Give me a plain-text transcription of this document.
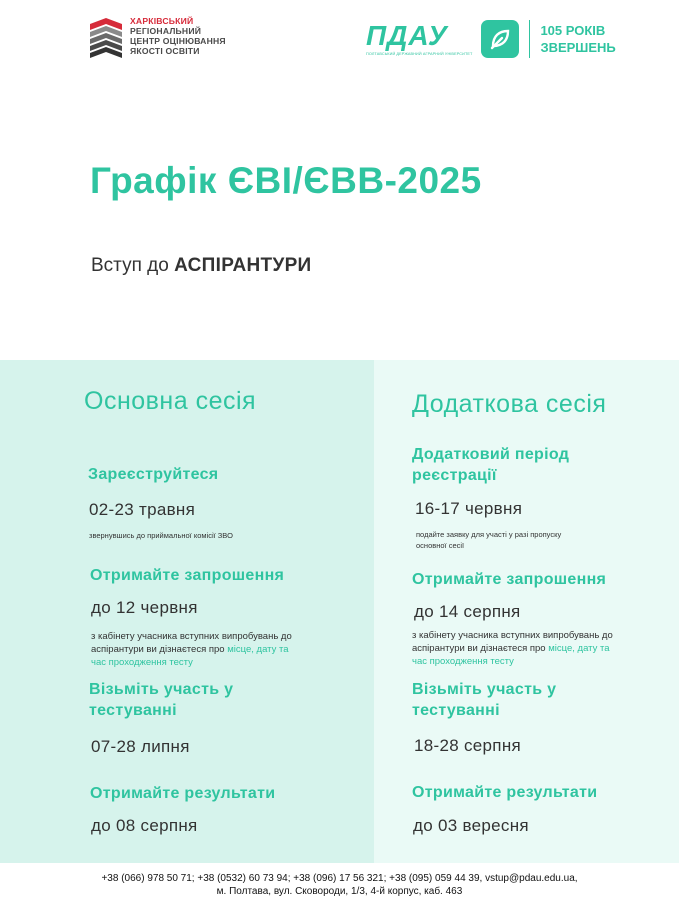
ХАРКІВСЬКИЙ
РЕГІОНАЛЬНИЙ
ЦЕНТР ОЦІНЮВАННЯ
ЯКОСТІ ОСВІТИ	ПДАУ
ПОЛТАВСЬКИЙ ДЕРЖАВНИЙ АГРАРНИЙ УНІВЕРСИТЕТ
105 РОКІВ
ЗВЕРШЕНЬ
Графік ЄВІ/ЄВВ-2025
Вступ до АСПІРАНТУРИ
Основна сесія
Зареєструйтеся
02-23 травня
звернувшись до приймальної комісії ЗВО
Отримайте запрошення
до 12 червня
з кабінету учасника вступних випробувань до
аспірантури ви дізнаєтеся про місце, дату та
час проходження тесту
Візьміть участь у
тестуванні
07-28 липня
Отримайте результати
до 08 серпня
Додаткова сесія
Додатковий період
реєстрації
16-17 червня
подайте заявку для участі у разі пропуску
основної сесії
Отримайте запрошення
до 14 серпня
з кабінету учасника вступних випробувань до
аспірантури ви дізнаєтеся про місце, дату та
час проходження тесту
Візьміть участь у
тестуванні
18-28 серпня
Отримайте результати
до 03 вересня
+38 (066) 978 50 71; +38 (0532) 60 73 94; +38 (096) 17 56 321; +38 (095) 059 44 39, vstup@pdau.edu.ua,
м. Полтава, вул. Сковороди, 1/3, 4-й корпус, каб. 463
